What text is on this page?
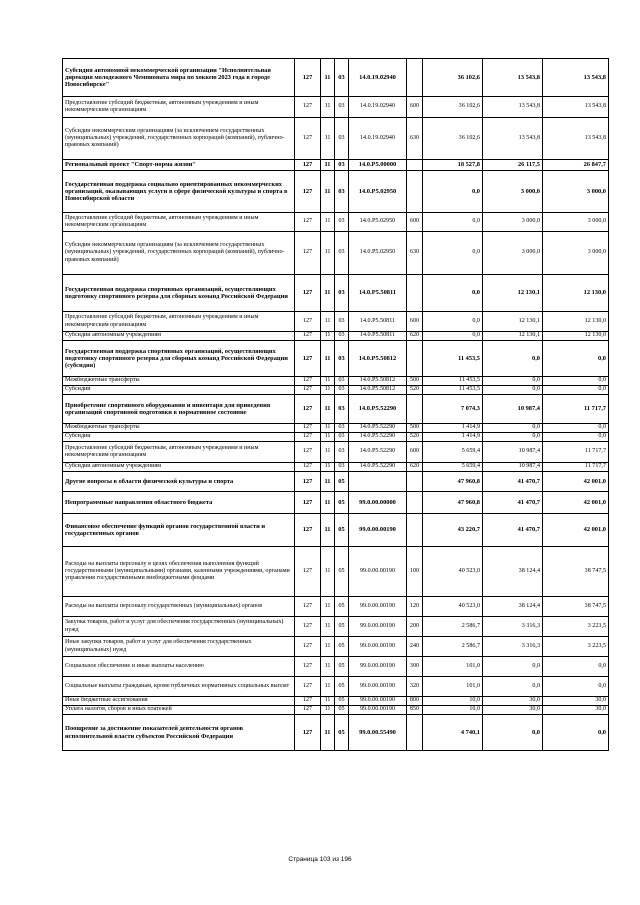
Субсидия автономной некоммерческой организации "Исполнительная дирекция молодежного Чемпионата мира по хоккею 2023 года в городе Новосибирске"	127	11	03	14.0.19.02940		36 102,6	13 543,8	13 543,8
Предоставление субсидий бюджетным, автономным учреждениям и иным некоммерческим организациям	127	11	03	14.0.19.02940	600	36 102,6	13 543,8	13 543,8
Субсидии некоммерческим организациям (за исключением государственных (муниципальных) учреждений, государственных корпораций (компаний), публично-правовых компаний)	127	11	03	14.0.19.02940	630	36 102,6	13 543,8	13 543,8
Региональный проект "Спорт-норма жизни"	127	11	03	14.0.P5.00000		18 527,8	26 117,5	26 847,7
Государственная поддержка социально ориентированных некоммерческих организаций, оказывающих услуги в сфере физической культуры и спорта в Новосибирской области	127	11	03	14.0.P5.02950		0,0	3 000,0	3 000,0
Предоставление субсидий бюджетным, автономным учреждениям и иным некоммерческим организациям	127	11	03	14.0.P5.02950	600	0,0	3 000,0	3 000,0
Субсидии некоммерческим организациям (за исключением государственных (муниципальных) учреждений, государственных корпораций (компаний), публично-правовых компаний)	127	11	03	14.0.P5.02950	630	0,0	3 000,0	3 000,0
Государственная поддержка спортивных организаций, осуществляющих подготовку спортивного резерва для сборных команд Российской Федерации	127	11	03	14.0.P5.50811		0,0	12 130,1	12 130,0
Предоставление субсидий бюджетным, автономным учреждениям и иным некоммерческим организациям	127	11	03	14.0.P5.50811	600	0,0	12 130,1	12 130,0
Субсидии автономным учреждениям	127	11	03	14.0.P5.50811	620	0,0	12 130,1	12 130,0
Государственная поддержка спортивных организаций, осуществляющих подготовку спортивного резерва для сборных команд Российской Федерации (субсидия)	127	11	03	14.0.P5.50812		11 453,5	0,0	0,0
Межбюджетные трансферты	127	11	03	14.0.P5.50812	500	11 453,5	0,0	0,0
Субсидии	127	11	03	14.0.P5.50812	520	11 453,5	0,0	0,0
Приобретение спортивного оборудования и инвентаря для приведения организаций спортивной подготовки в нормативное состояние	127	11	03	14.0.P5.52290		7 074,3	10 987,4	11 717,7
Межбюджетные трансферты	127	11	03	14.0.P5.52290	500	1 414,9	0,0	0,0
Субсидии	127	11	03	14.0.P5.52290	520	1 414,9	0,0	0,0
Предоставление субсидий бюджетным, автономным учреждениям и иным некоммерческим организациям	127	11	03	14.0.P5.52290	600	5 659,4	10 987,4	11 717,7
Субсидии автономным учреждениям	127	11	03	14.0.P5.52290	620	5 659,4	10 987,4	11 717,7
Другие вопросы в области физической культуры и спорта	127	11	05			47 960,8	41 470,7	42 001,0
Непрограммные направления областного бюджета	127	11	05	99.0.00.00000		47 960,8	41 470,7	42 001,0
Финансовое обеспечение функций органов государственной власти и государственных органов	127	11	05	99.0.00.00190		43 220,7	41 470,7	42 001,0
Расходы на выплаты персоналу в целях обеспечения выполнения функций государственными (муниципальными) органами, казенными учреждениями, органами управления государственными внебюджетными фондами	127	11	05	99.0.00.00190	100	40 523,0	38 124,4	38 747,5
Расходы на выплаты персоналу государственных (муниципальных) органов	127	11	05	99.0.00.00190	120	40 523,0	38 124,4	38 747,5
Закупка товаров, работ и услуг для обеспечения государственных (муниципальных) нужд	127	11	05	99.0.00.00190	200	2 586,7	3 316,3	3 223,5
Иные закупки товаров, работ и услуг для обеспечения государственных (муниципальных) нужд	127	11	05	99.0.00.00190	240	2 586,7	3 316,3	3 223,5
Социальное обеспечение и иные выплаты населению	127	11	05	99.0.00.00190	300	101,0	0,0	0,0
Социальные выплаты гражданам, кроме публичных нормативных социальных выплат	127	11	05	99.0.00.00190	320	101,0	0,0	0,0
Иные бюджетные ассигнования	127	11	05	99.0.00.00190	800	10,0	30,0	30,0
Уплата налогов, сборов и иных платежей	127	11	05	99.0.00.00190	850	10,0	30,0	30,0
Поощрение за достижение показателей деятельности органов исполнительной власти субъектов Российской Федерации	127	11	05	99.0.00.55490		4 740,1	0,0	0,0
Страница 103 из 196
